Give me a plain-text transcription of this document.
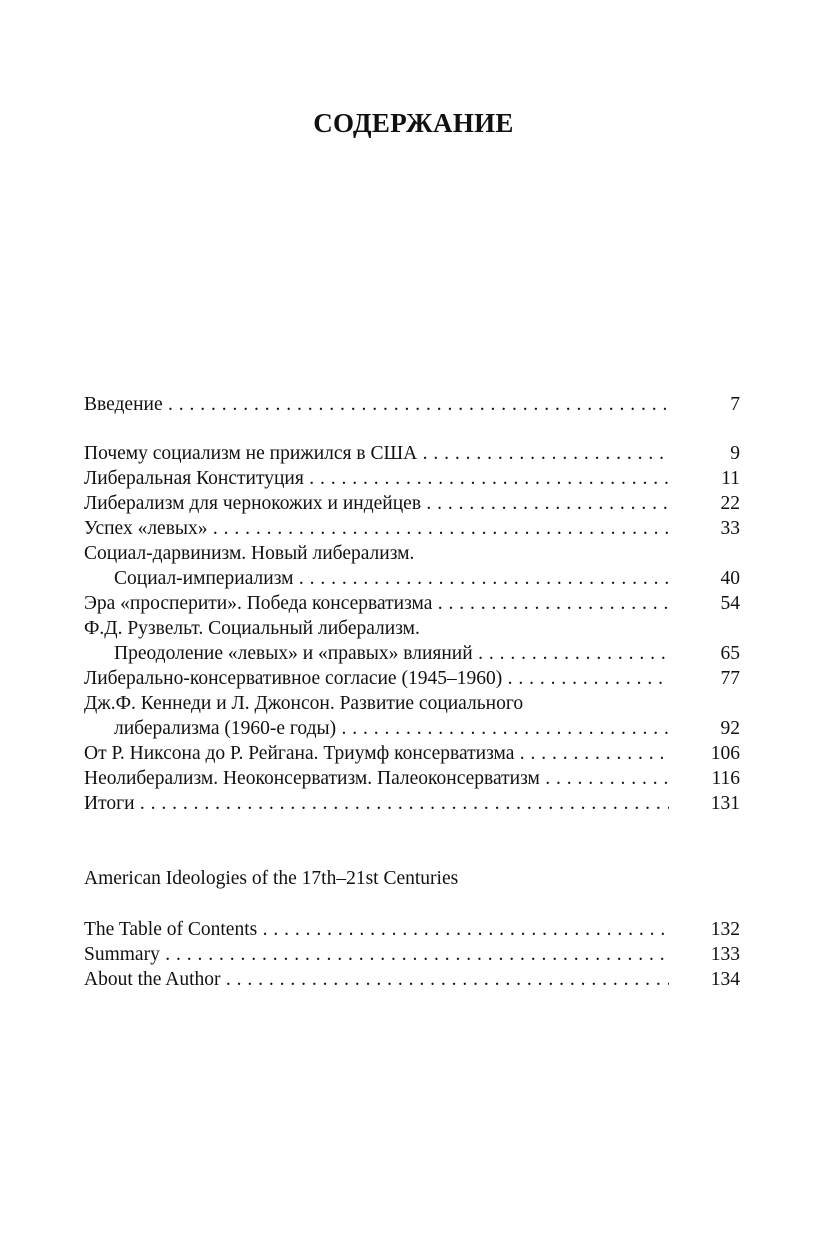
СОДЕРЖАНИЕ
Введение . . .	7
Почему социализм не прижился в США . . .	9
Либеральная Конституция . . .	11
Либерализм для чернокожих и индейцев . . .	22
Успех «левых» . . .	33
Социал-дарвинизм. Новый либерализм.
Социал-империализм . . .	40
Эра «просперити». Победа консерватизма . . .	54
Ф.Д. Рузвельт. Социальный либерализм.
Преодоление «левых» и «правых» влияний . . .	65
Либерально-консервативное согласие (1945–1960) . . .	77
Дж.Ф. Кеннеди и Л. Джонсон. Развитие социального
либерализма (1960-е годы) . . .	92
От Р. Никсона до Р. Рейгана. Триумф консерватизма . . .	106
Неолиберализм. Неоконсерватизм. Палеоконсерватизм . . .	116
Итоги . . .	131
American Ideologies of the 17th–21st Centuries
The Table of Contents . . .	132
Summary . . .	133
About the Author . . .	134
